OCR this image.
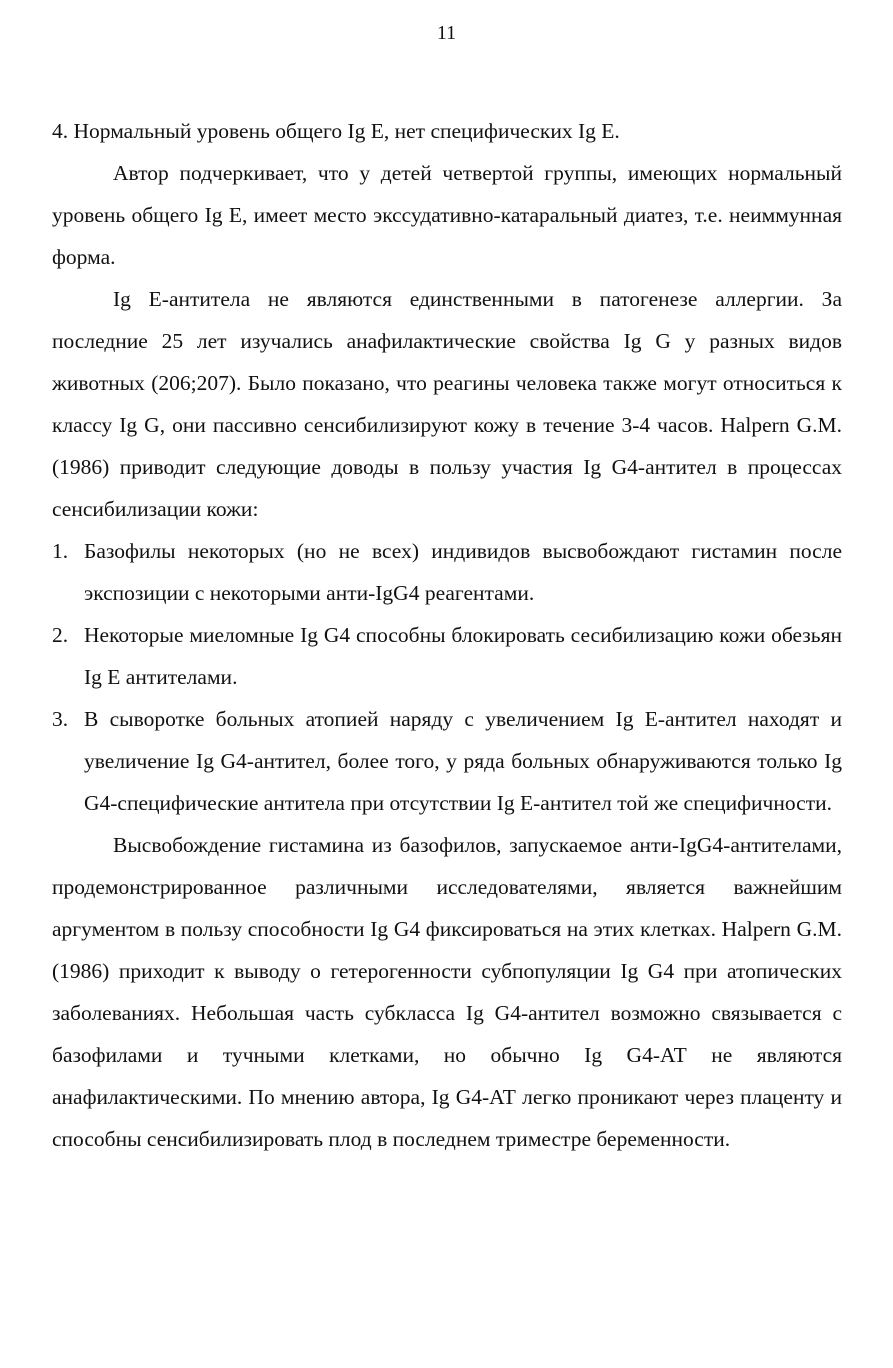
11

4. Нормальный уровень общего Ig E, нет специфических Ig E.

Автор подчеркивает, что у детей четвертой группы, имеющих нормальный уровень общего Ig E, имеет место экссудативно-катаральный диатез, т.е. неиммунная форма.

Ig E-антитела не являются единственными в патогенезе аллергии. За последние 25 лет изучались анафилактические свойства Ig G у разных видов животных (206;207). Было показано, что реагины человека также могут относиться к классу Ig G, они пассивно сенсибилизируют кожу в течение 3-4 часов. Halpern G.M. (1986) приводит следующие доводы в пользу участия Ig G4-антител в процессах сенсибилизации кожи:

1. Базофилы некоторых (но не всех) индивидов высвобождают гистамин после экспозиции с некоторыми анти-IgG4 реагентами.
2. Некоторые миеломные Ig G4 способны блокировать сесибилизацию кожи обезьян Ig E антителами.
3. В сыворотке больных атопией наряду с увеличением Ig E-антител находят и увеличение Ig G4-антител, более того, у ряда больных обнаруживаются только Ig G4-специфические антитела при отсутствии Ig E-антител той же специфичности.

Высвобождение гистамина из базофилов, запускаемое анти-IgG4-антителами, продемонстрированное различными исследователями, является важнейшим аргументом в пользу способности Ig G4 фиксироваться на этих клетках. Halpern G.M. (1986) приходит к выводу о гетерогенности субпопуляции Ig G4 при атопических заболеваниях. Небольшая часть субкласса Ig G4-антител возможно связывается с базофилами и тучными клетками, но обычно Ig G4-АТ не являются анафилактическими. По мнению автора, Ig G4-АТ легко проникают через плаценту и способны сенсибилизировать плод в последнем триместре беременности.
